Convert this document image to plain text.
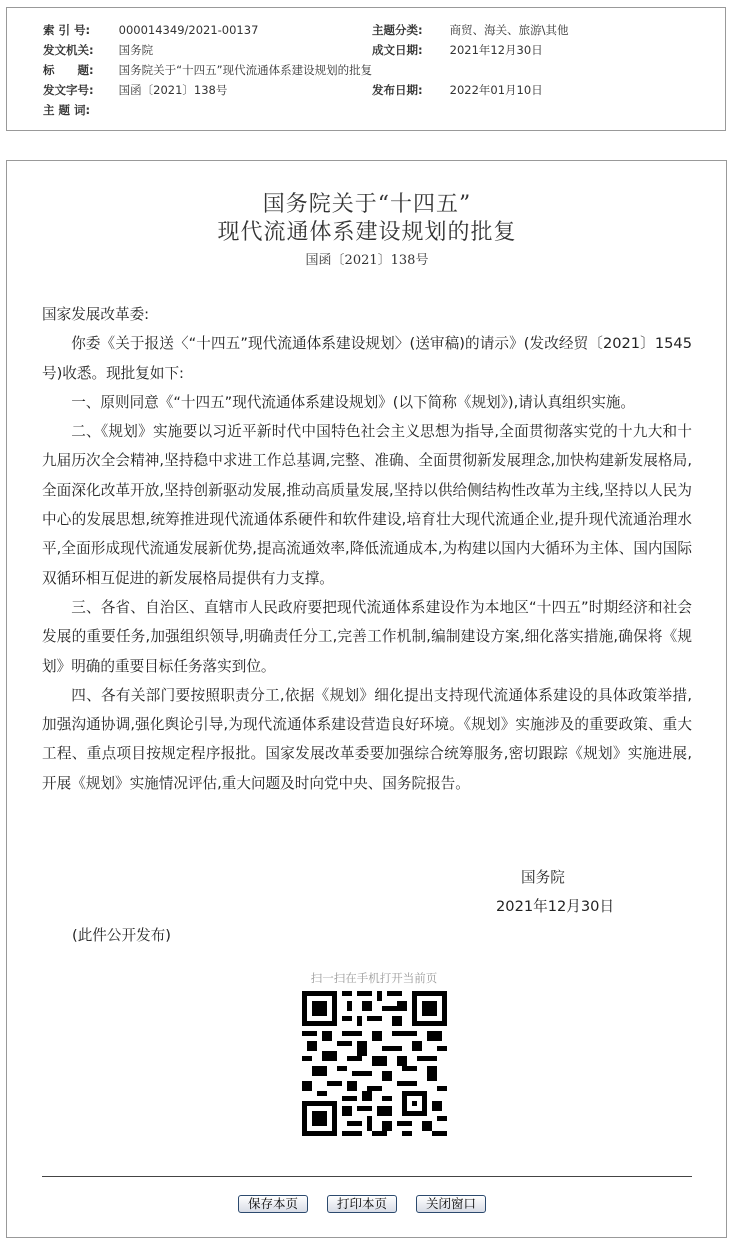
索 引 号: 000014349/2021-00137	主题分类: 商贸、海关、旅游\其他
发文机关: 国务院	成文日期: 2021年12月30日
标　　题: 国务院关于“十四五”现代流通体系建设规划的批复
发文字号: 国函〔2021〕138号	发布日期: 2022年01月10日
主 题 词:
国务院关于“十四五”
现代流通体系建设规划的批复
国函〔2021〕138号

国家发展改革委:

你委《关于报送〈“十四五”现代流通体系建设规划〉(送审稿)的请示》(发改经贸〔2021〕1545号)收悉。现批复如下:

一、原则同意《“十四五”现代流通体系建设规划》(以下简称《规划》),请认真组织实施。

二、《规划》实施要以习近平新时代中国特色社会主义思想为指导,全面贯彻落实党的十九大和十九届历次全会精神,坚持稳中求进工作总基调,完整、准确、全面贯彻新发展理念,加快构建新发展格局,全面深化改革开放,坚持创新驱动发展,推动高质量发展,坚持以供给侧结构性改革为主线,坚持以人民为中心的发展思想,统筹推进现代流通体系硬件和软件建设,培育壮大现代流通企业,提升现代流通治理水平,全面形成现代流通发展新优势,提高流通效率,降低流通成本,为构建以国内大循环为主体、国内国际双循环相互促进的新发展格局提供有力支撑。

三、各省、自治区、直辖市人民政府要把现代流通体系建设作为本地区“十四五”时期经济和社会发展的重要任务,加强组织领导,明确责任分工,完善工作机制,编制建设方案,细化落实措施,确保将《规划》明确的重要目标任务落实到位。

四、各有关部门要按照职责分工,依据《规划》细化提出支持现代流通体系建设的具体政策举措,加强沟通协调,强化舆论引导,为现代流通体系建设营造良好环境。《规划》实施涉及的重要政策、重大工程、重点项目按规定程序报批。国家发展改革委要加强综合统筹服务,密切跟踪《规划》实施进展,开展《规划》实施情况评估,重大问题及时向党中央、国务院报告。

国务院
2021年12月30日
(此件公开发布)
扫一扫在手机打开当前页
保存本页	打印本页	关闭窗口
